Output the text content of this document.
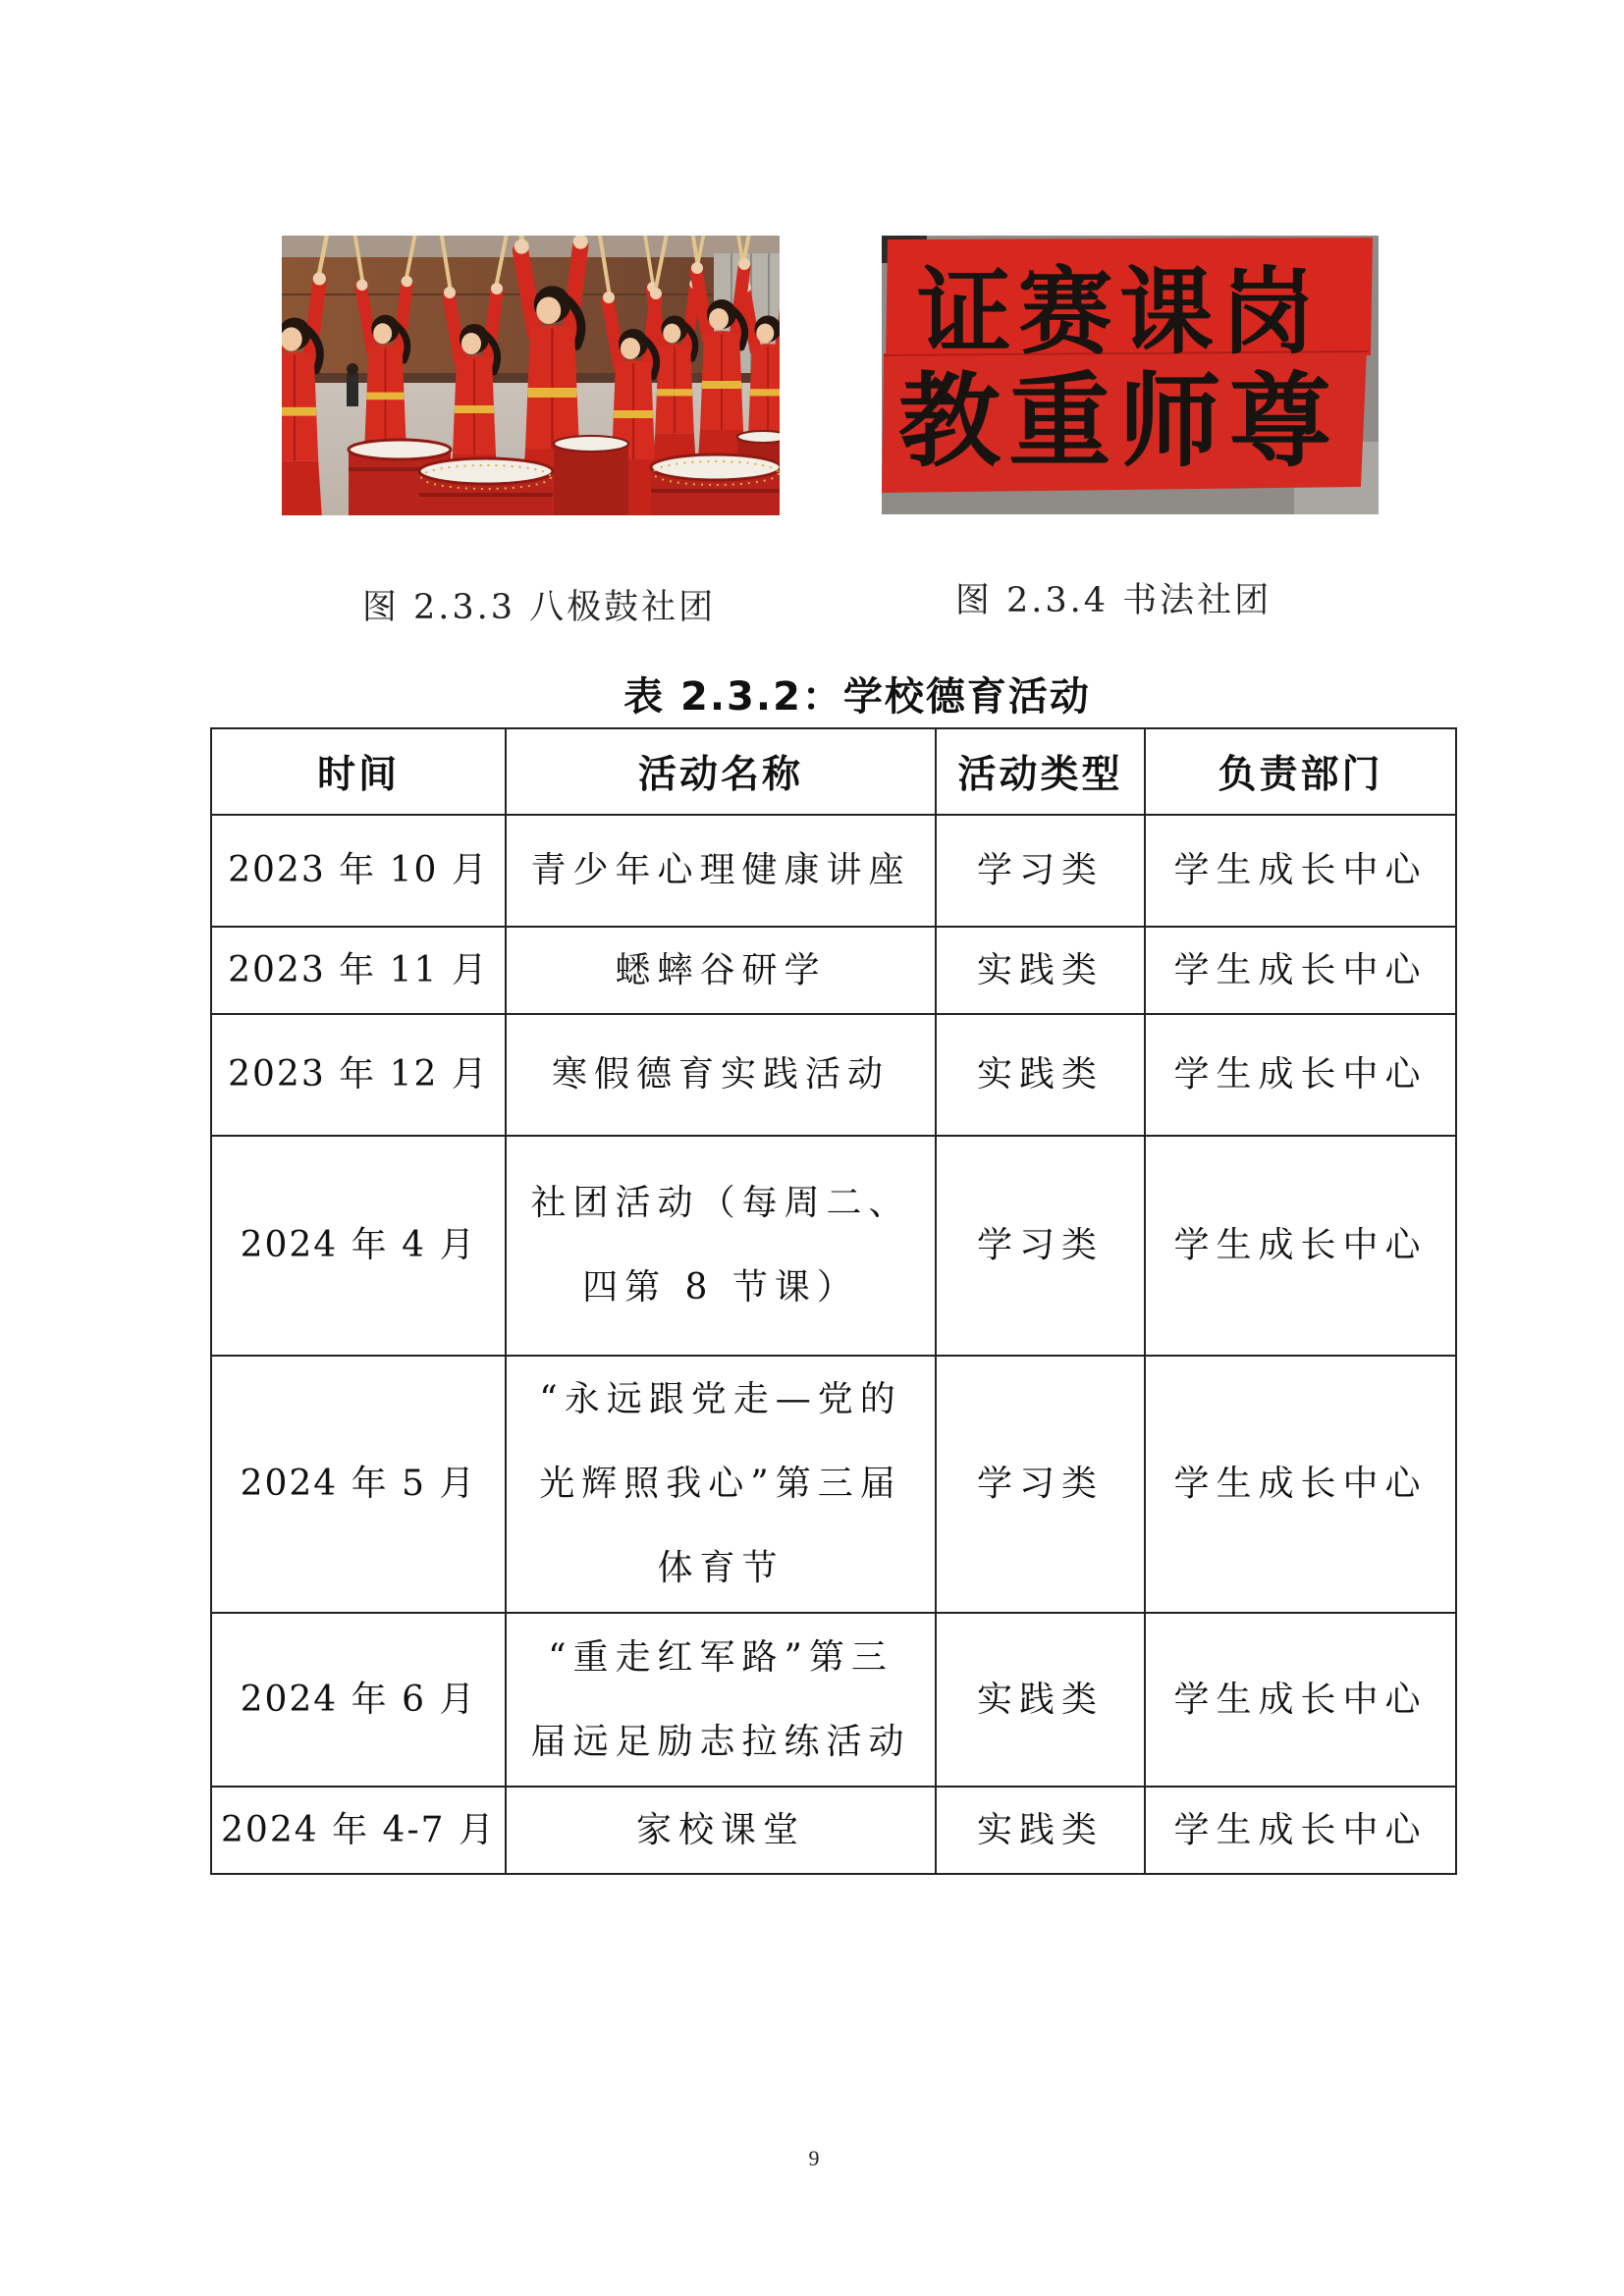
证赛课岗
教重师尊
图 2.3.3 八极鼓社团	图 2.3.4 书法社团
表 2.3.2：学校德育活动
时间	活动名称	活动类型	负责部门
2023 年 10 月	青少年心理健康讲座	学习类	学生成长中心
2023 年 11 月	蟋蟀谷研学	实践类	学生成长中心
2023 年 12 月	寒假德育实践活动	实践类	学生成长中心
2024 年 4 月	社团活动（每周二、
四第 8 节课）	学习类	学生成长中心
2024 年 5 月	“永远跟党走—党的
光辉照我心”第三届
体育节	学习类	学生成长中心
2024 年 6 月	“重走红军路”第三
届远足励志拉练活动	实践类	学生成长中心
2024 年 4-7 月	家校课堂	实践类	学生成长中心
9
